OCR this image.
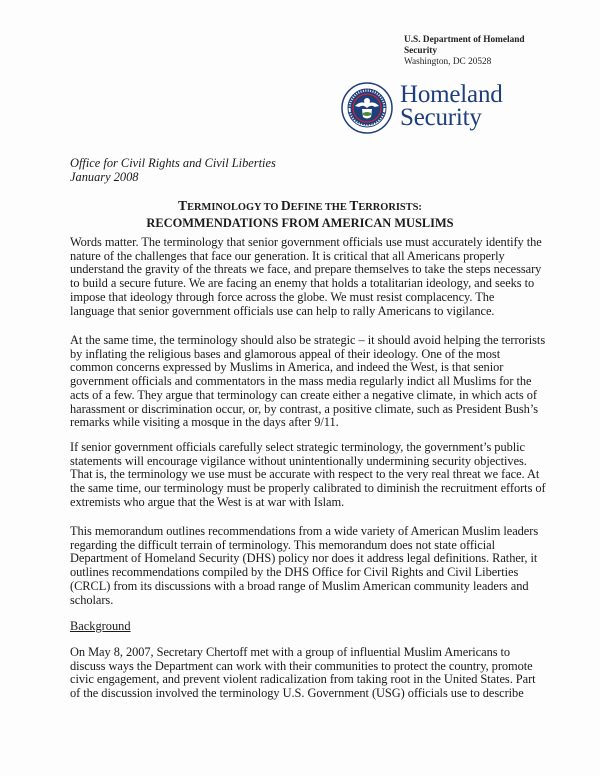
U.S. Department of Homeland
Security
Washington, DC 20528
Homeland
Security
Office for Civil Rights and Civil Liberties
January 2008
TERMINOLOGY TO DEFINE THE TERRORISTS:
RECOMMENDATIONS FROM AMERICAN MUSLIMS
Words matter. The terminology that senior government officials use must accurately identify the
nature of the challenges that face our generation. It is critical that all Americans properly
understand the gravity of the threats we face, and prepare themselves to take the steps necessary
to build a secure future. We are facing an enemy that holds a totalitarian ideology, and seeks to
impose that ideology through force across the globe. We must resist complacency. The
language that senior government officials use can help to rally Americans to vigilance.
At the same time, the terminology should also be strategic – it should avoid helping the terrorists
by inflating the religious bases and glamorous appeal of their ideology. One of the most
common concerns expressed by Muslims in America, and indeed the West, is that senior
government officials and commentators in the mass media regularly indict all Muslims for the
acts of a few. They argue that terminology can create either a negative climate, in which acts of
harassment or discrimination occur, or, by contrast, a positive climate, such as President Bush’s
remarks while visiting a mosque in the days after 9/11.
If senior government officials carefully select strategic terminology, the government’s public
statements will encourage vigilance without unintentionally undermining security objectives.
That is, the terminology we use must be accurate with respect to the very real threat we face. At
the same time, our terminology must be properly calibrated to diminish the recruitment efforts of
extremists who argue that the West is at war with Islam.
This memorandum outlines recommendations from a wide variety of American Muslim leaders
regarding the difficult terrain of terminology. This memorandum does not state official
Department of Homeland Security (DHS) policy nor does it address legal definitions. Rather, it
outlines recommendations compiled by the DHS Office for Civil Rights and Civil Liberties
(CRCL) from its discussions with a broad range of Muslim American community leaders and
scholars.
Background
On May 8, 2007, Secretary Chertoff met with a group of influential Muslim Americans to
discuss ways the Department can work with their communities to protect the country, promote
civic engagement, and prevent violent radicalization from taking root in the United States. Part
of the discussion involved the terminology U.S. Government (USG) officials use to describe
